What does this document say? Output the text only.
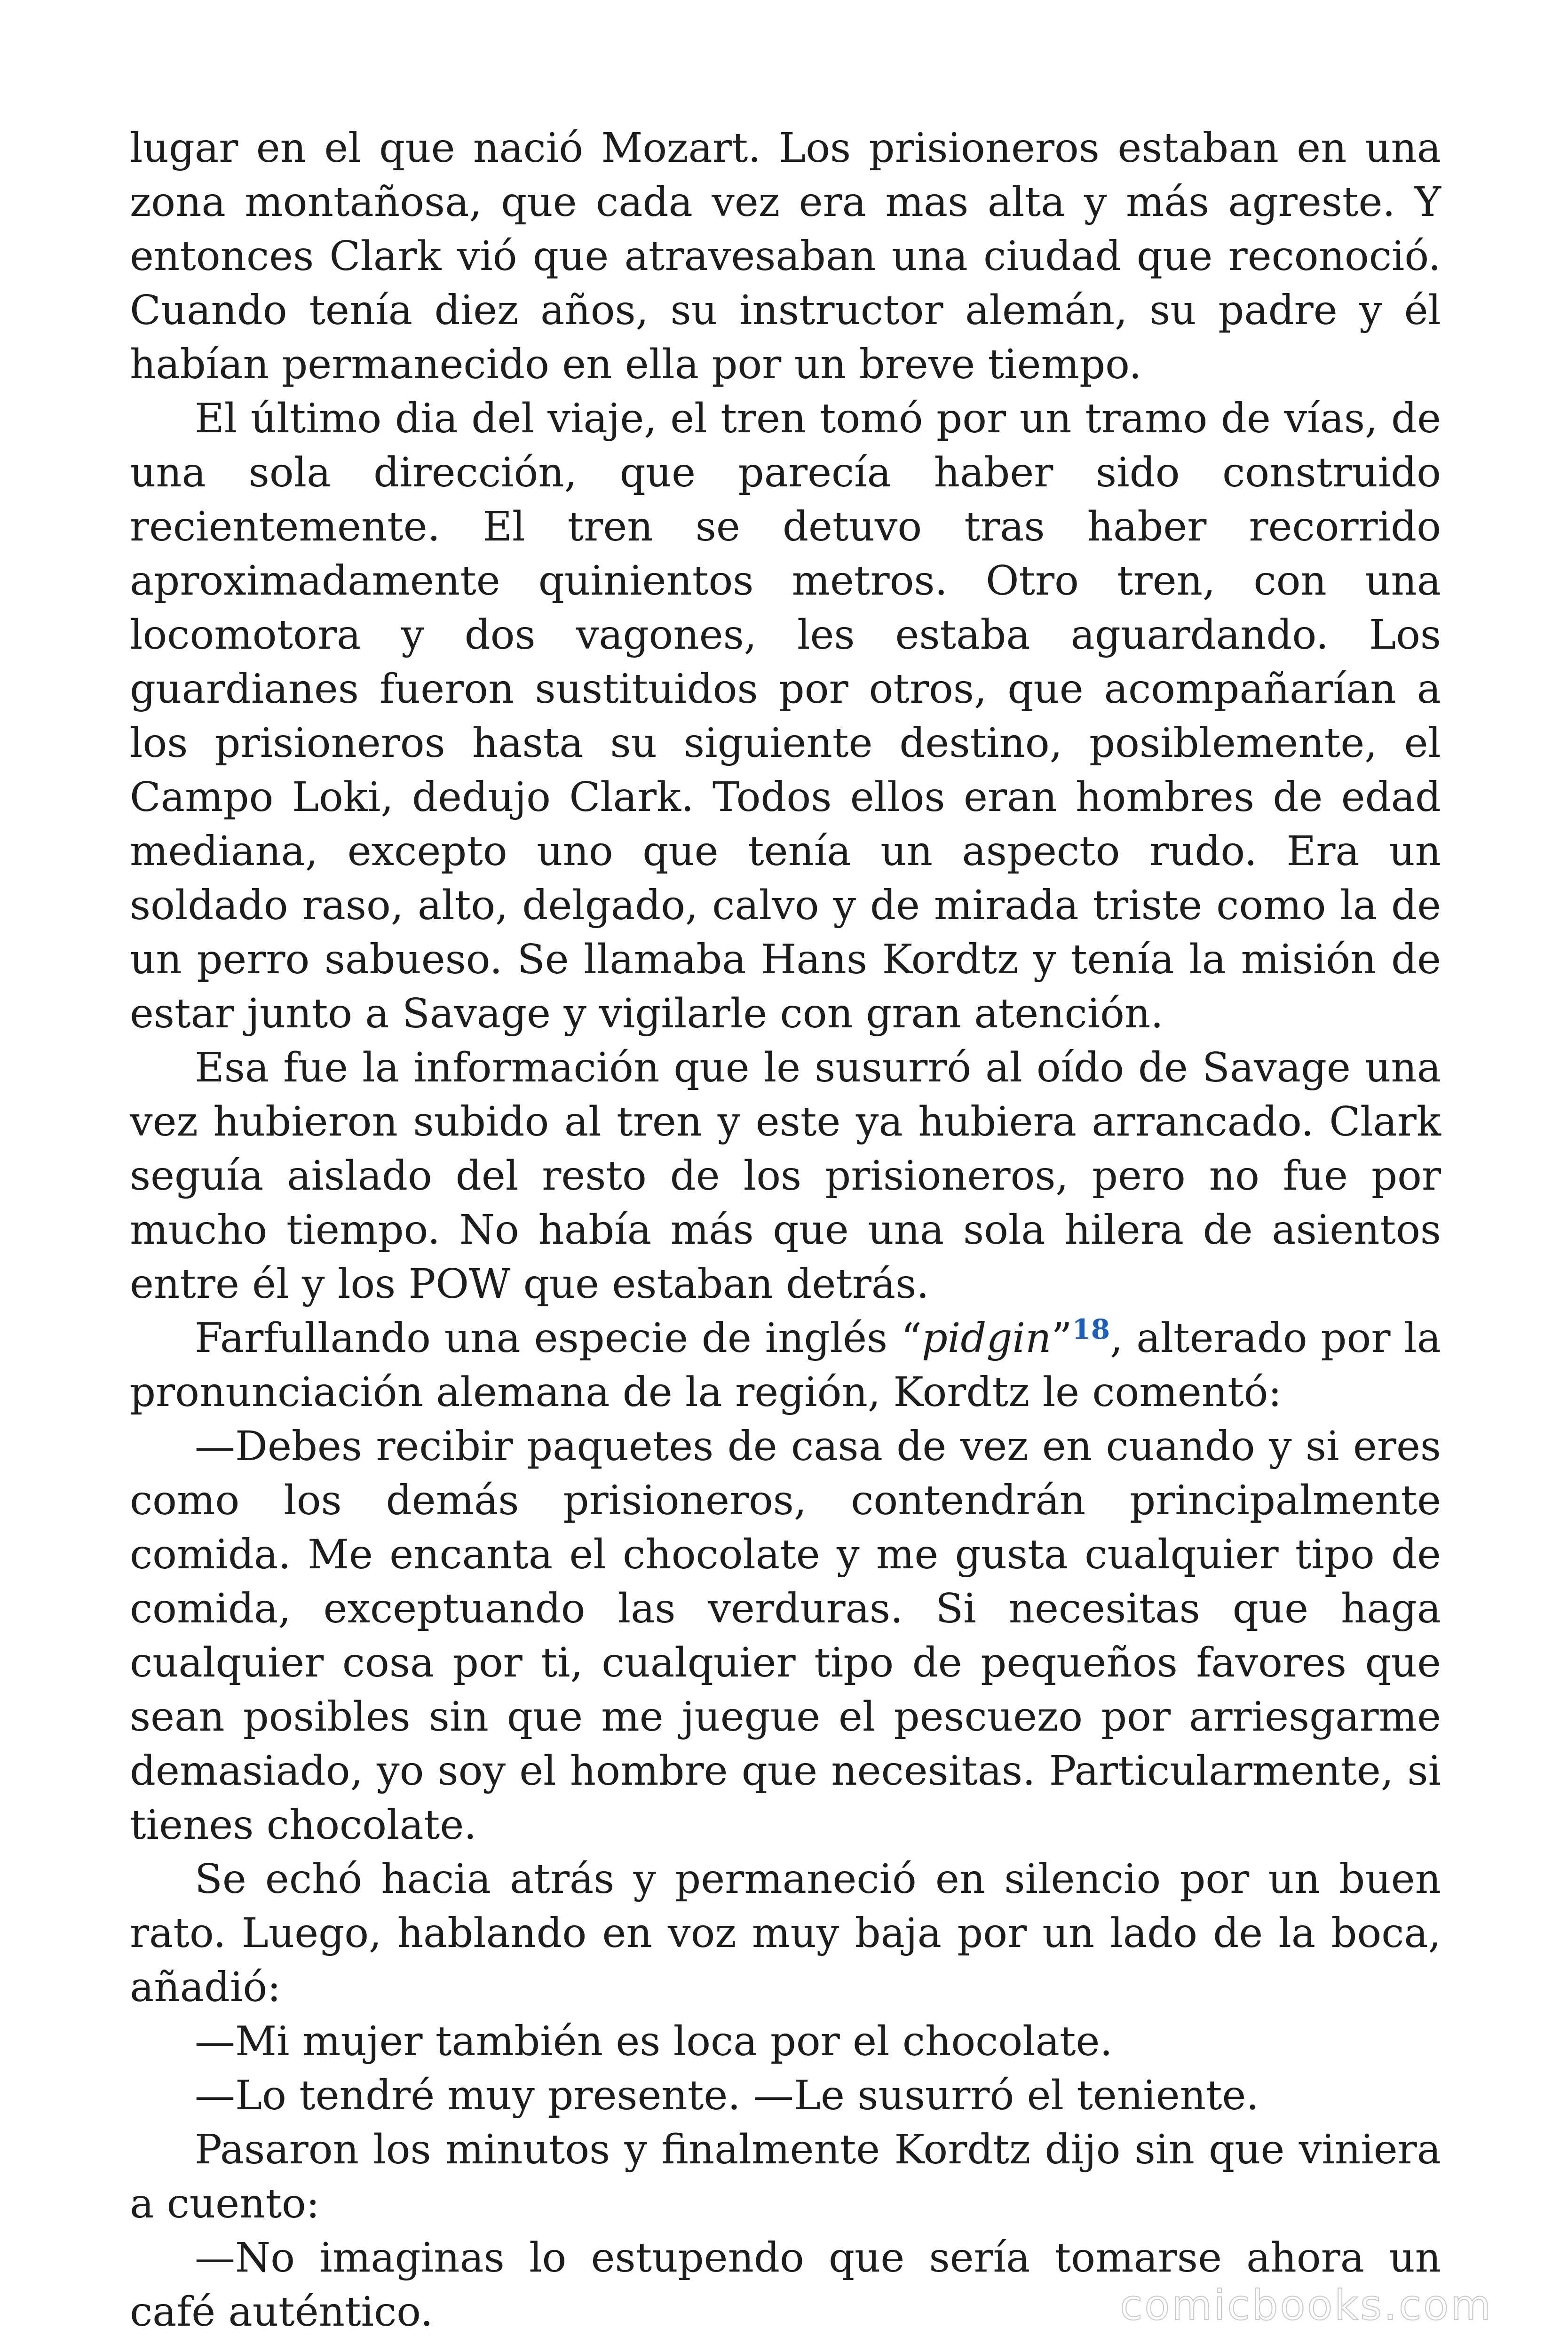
lugar en el que nació Mozart. Los prisioneros estaban en una zona montañosa, que cada vez era mas alta y más agreste. Y entonces Clark vió que atravesaban una ciudad que reconoció. Cuando tenía diez años, su instructor alemán, su padre y él habían permanecido en ella por un breve tiempo.

El último dia del viaje, el tren tomó por un tramo de vías, de una sola dirección, que parecía haber sido construido recientemente. El tren se detuvo tras haber recorrido aproximadamente quinientos metros. Otro tren, con una locomotora y dos vagones, les estaba aguardando. Los guardianes fueron sustituidos por otros, que acompañarían a los prisioneros hasta su siguiente destino, posiblemente, el Campo Loki, dedujo Clark. Todos ellos eran hombres de edad mediana, excepto uno que tenía un aspecto rudo. Era un soldado raso, alto, delgado, calvo y de mirada triste como la de un perro sabueso. Se llamaba Hans Kordtz y tenía la misión de estar junto a Savage y vigilarle con gran atención.

Esa fue la información que le susurró al oído de Savage una vez hubieron subido al tren y este ya hubiera arrancado. Clark seguía aislado del resto de los prisioneros, pero no fue por mucho tiempo. No había más que una sola hilera de asientos entre él y los POW que estaban detrás.

Farfullando una especie de inglés “pidgin”$^{18}$, alterado por la pronunciación alemana de la región, Kordtz le comentó:

—Debes recibir paquetes de casa de vez en cuando y si eres como los demás prisioneros, contendrán principalmente comida. Me encanta el chocolate y me gusta cualquier tipo de comida, exceptuando las verduras. Si necesitas que haga cualquier cosa por ti, cualquier tipo de pequeños favores que sean posibles sin que me juegue el pescuezo por arriesgarme demasiado, yo soy el hombre que necesitas. Particularmente, si tienes chocolate.

Se echó hacia atrás y permaneció en silencio por un buen rato. Luego, hablando en voz muy baja por un lado de la boca, añadió:

—Mi mujer también es loca por el chocolate.

—Lo tendré muy presente. —Le susurró el teniente.

Pasaron los minutos y finalmente Kordtz dijo sin que viniera a cuento:

—No imaginas lo estupendo que sería tomarse ahora un café auténtico.	comicbooks.com
